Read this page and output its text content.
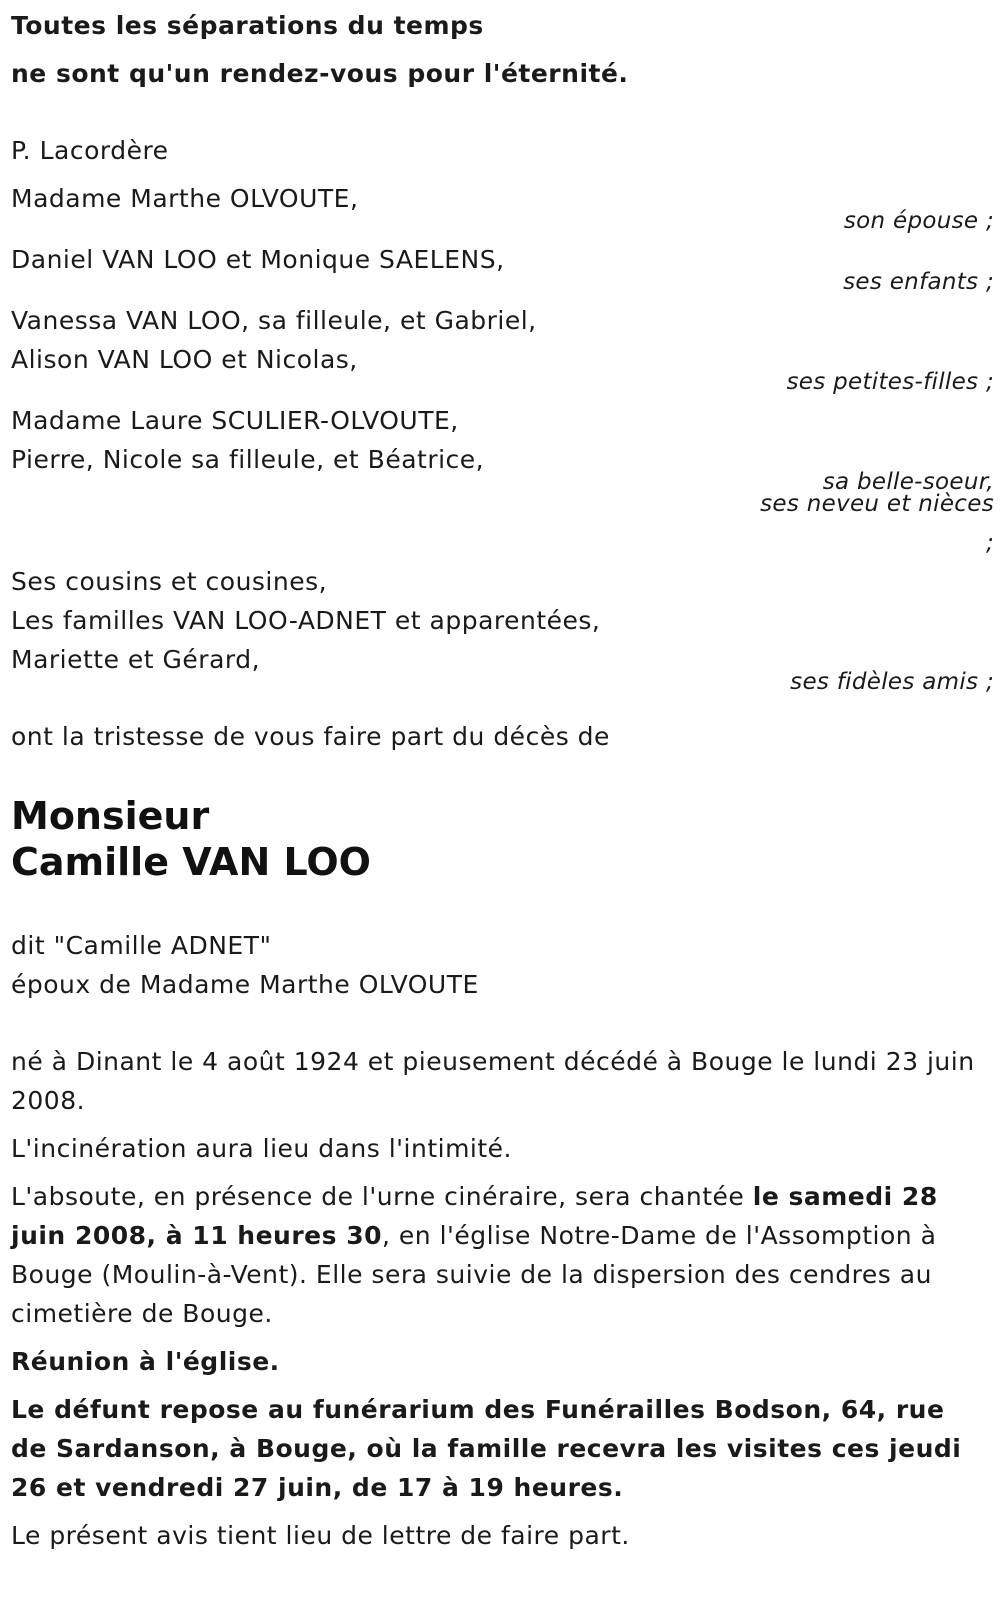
Toutes les séparations du temps
ne sont qu'un rendez-vous pour l'éternité.
P. Lacordère
Madame Marthe OLVOUTE,
son épouse ;
Daniel VAN LOO et Monique SAELENS,
ses enfants ;
Vanessa VAN LOO, sa filleule, et Gabriel,
Alison VAN LOO et Nicolas,
ses petites-filles ;
Madame Laure SCULIER-OLVOUTE,
Pierre, Nicole sa filleule, et Béatrice,
sa belle-soeur,
ses neveu et nièces
;
Ses cousins et cousines,
Les familles VAN LOO-ADNET et apparentées,
Mariette et Gérard,
ses fidèles amis ;
ont la tristesse de vous faire part du décès de
Monsieur
Camille VAN LOO
dit "Camille ADNET"
époux de Madame Marthe OLVOUTE
né à Dinant le 4 août 1924 et pieusement décédé à Bouge le lundi 23 juin 2008.
L'incinération aura lieu dans l'intimité.
L'absoute, en présence de l'urne cinéraire, sera chantée le samedi 28 juin 2008, à 11 heures 30, en l'église Notre-Dame de l'Assomption à Bouge (Moulin-à-Vent). Elle sera suivie de la dispersion des cendres au cimetière de Bouge.
Réunion à l'église.
Le défunt repose au funérarium des Funérailles Bodson, 64, rue de Sardanson, à Bouge, où la famille recevra les visites ces jeudi 26 et vendredi 27 juin, de 17 à 19 heures.
Le présent avis tient lieu de lettre de faire part.
